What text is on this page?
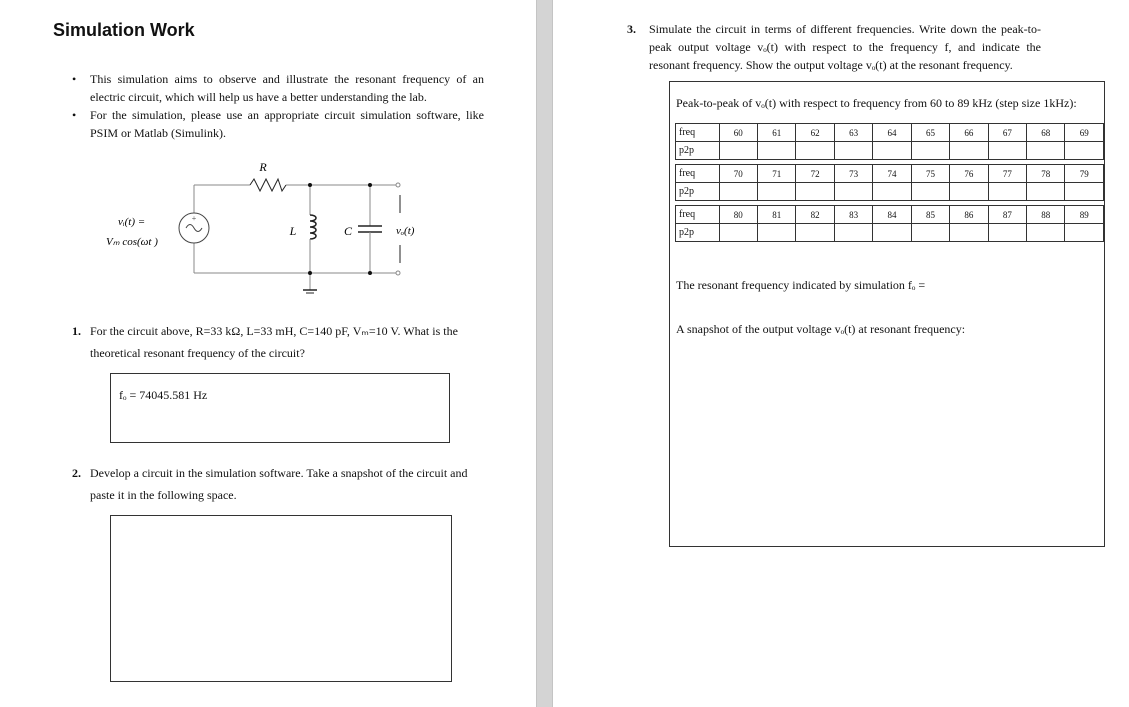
Simulation Work

• This simulation aims to observe and illustrate the resonant frequency of an electric circuit, which will help us have a better understanding the lab.

• For the simulation, please use an appropriate circuit simulation software, like PSIM or Matlab (Simulink).

R
+
L	C	vₒ(t)
vᵢ(t) =
Vₘ cos(ωt )
1. For the circuit above, R=33 kΩ, L=33 mH, C=140 pF, Vₘ=10 V. What is the theoretical resonant frequency of the circuit?
fₒ = 74045.581 Hz
2. Develop a circuit in the simulation software. Take a snapshot of the circuit and paste it in the following space.
3.	Simulate the circuit in terms of different frequencies. Write down the peak-to-peak output voltage vₒ(t) with respect to the frequency f, and indicate the resonant frequency. Show the output voltage vₒ(t) at the resonant frequency.
Peak-to-peak of vₒ(t) with respect to frequency from 60 to 89 kHz (step size 1kHz):
freq	60	61	62	63	64	65	66	67	68	69
p2p										

freq	70	71	72	73	74	75	76	77	78	79
p2p										

freq	80	81	82	83	84	85	86	87	88	89
p2p										
The resonant frequency indicated by simulation fₒ =
A snapshot of the output voltage vₒ(t) at resonant frequency:
